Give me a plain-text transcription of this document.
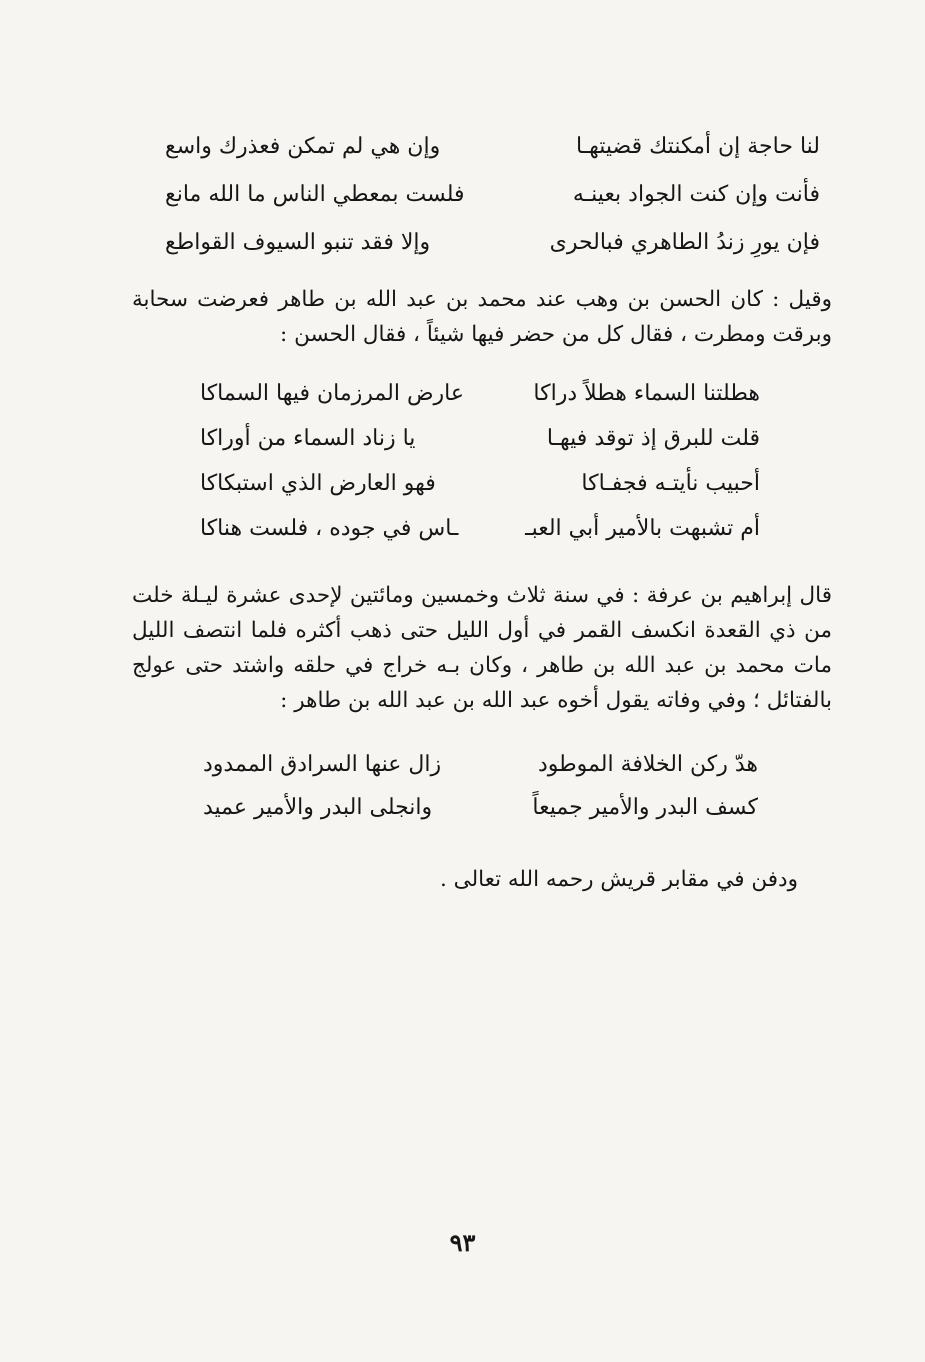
لنا حاجة إن أمكنتك قضيتهـا
وإن هي لم تمكن فعذرك واسع
فأنت وإن كنت الجواد بعينـه
فلست بمعطي الناس ما الله مانع
فإن يورِ زندُ الطاهري فبالحرى
وإلا فقد تنبو السيوف القواطع

وقيل : كان الحسن بن وهب عند محمد بن عبد الله بن طاهر فعرضت سحابة وبرقت ومطرت ، فقال كل من حضر فيها شيئاً ، فقال الحسن :

هطلتنا السماء هطلاً دراكا
عارض المرزمان فيها السماكا
قلت للبرق إذ توقد فيهـا
يا زناد السماء من أوراكا
أحبيب نأيتـه فجفـاكا
فهو العارض الذي استبكاكا
أم تشبهت بالأمير أبي العبـ
ـاس في جوده ، فلست هناكا

قال إبراهيم بن عرفة : في سنة ثلاث وخمسين ومائتين لإحدى عشرة ليـلة خلت من ذي القعدة انكسف القمر في أول الليل حتى ذهب أكثره فلما انتصف الليل مات محمد بن عبد الله بن طاهر ، وكان بـه خراج في حلقه واشتد حتى عولج بالفتائل ؛ وفي وفاته يقول أخوه عبد الله بن عبد الله بن طاهر :

هدّ ركن الخلافة الموطود
زال عنها السرادق الممدود
كسف البدر والأمير جميعاً
وانجلى البدر والأمير عميد

ودفن في مقابر قريش رحمه الله تعالى .

٩٣
